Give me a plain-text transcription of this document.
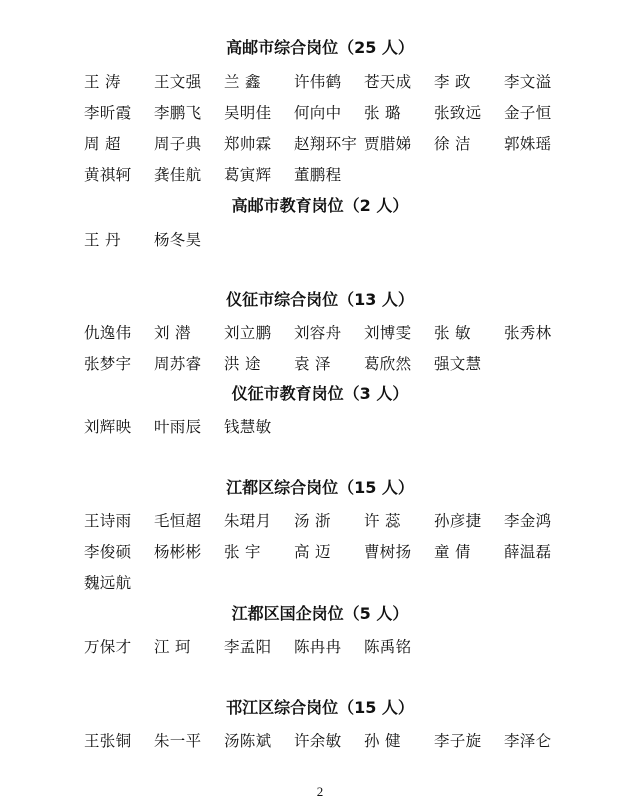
高邮市综合岗位（25 人）
王 涛	王文强	兰 鑫	许伟鹤	苍天成	李 政	李文溢
李昕霞	李鹏飞	吴明佳	何向中	张 璐	张致远	金子恒
周 超	周子典	郑帅霖	赵翔环宇 贾腊娣	徐 洁	郭姝瑶
黄祺轲	龚佳航	葛寅辉	董鹏程
高邮市教育岗位（2 人）
王 丹	杨冬昊
仪征市综合岗位（13 人）
仇逸伟	刘 潜	刘立鹏	刘容舟	刘博雯	张 敏	张秀林
张梦宇	周苏睿	洪 途	袁 泽	葛欣然	强文慧
仪征市教育岗位（3 人）
刘辉映	叶雨辰	钱慧敏
江都区综合岗位（15 人）
王诗雨	毛恒超	朱珺月	汤 浙	许 蕊	孙彦捷	李金鸿
李俊硕	杨彬彬	张 宇	高 迈	曹树扬	童 倩	薛温磊
魏远航
江都区国企岗位（5 人）
万保才	江 珂	李孟阳	陈冉冉	陈禹铭
邗江区综合岗位（15 人）
王张铜	朱一平	汤陈斌	许余敏	孙 健	李子旋	李泽仑
2
